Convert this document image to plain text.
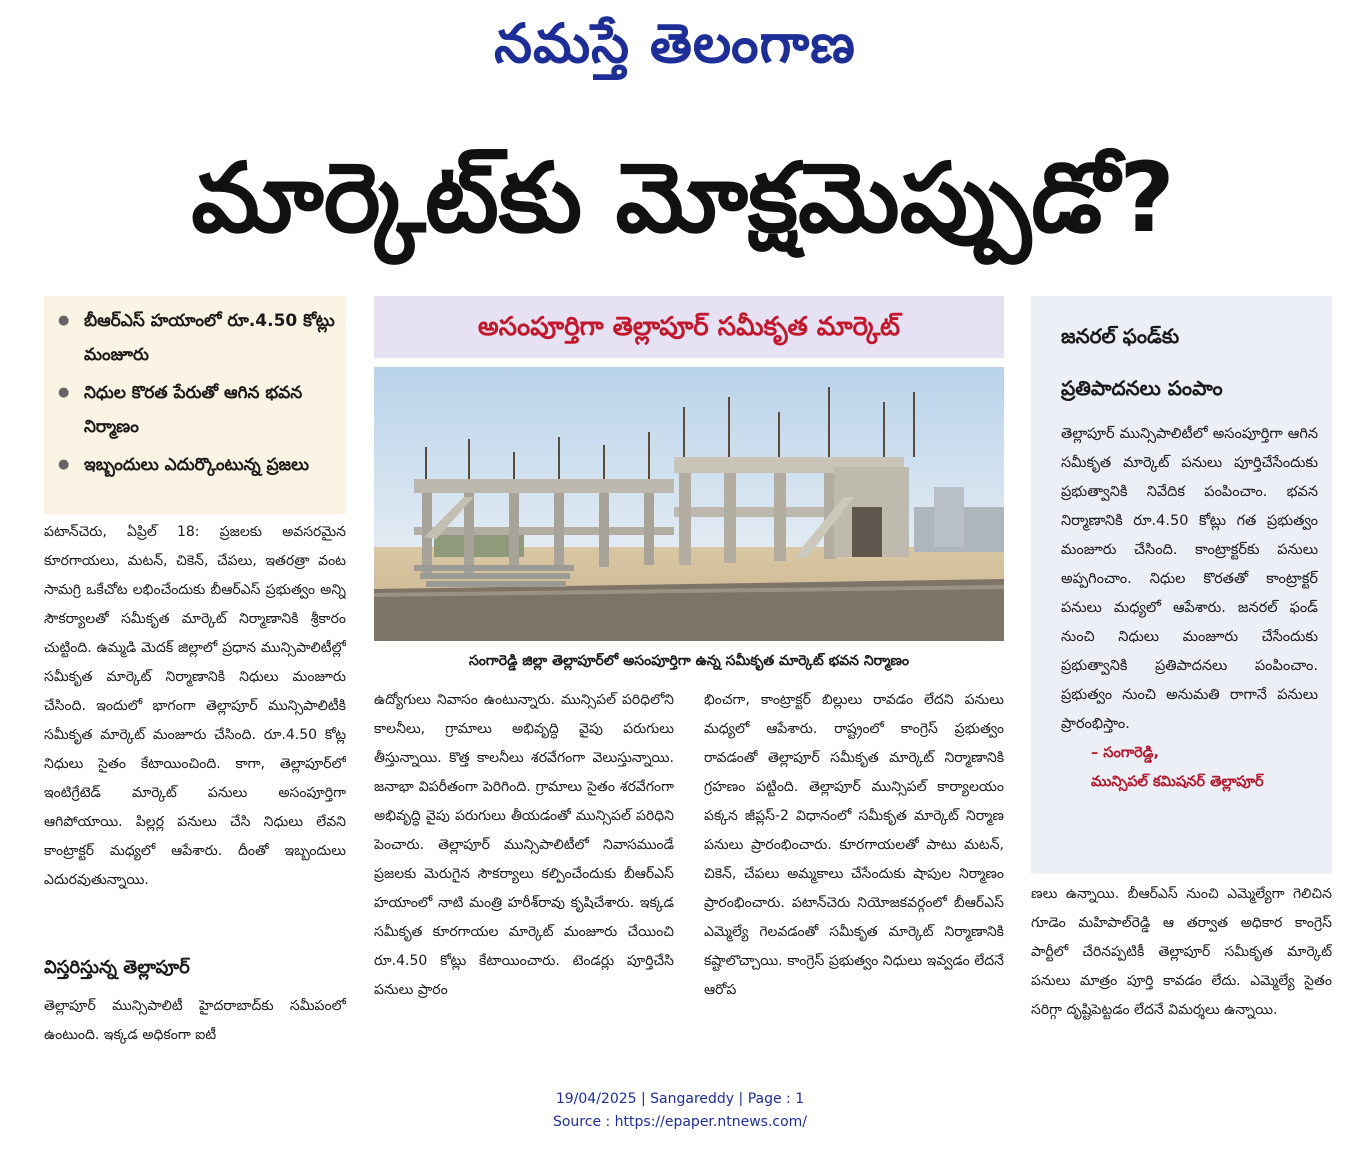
నమస్తే తెలంగాణ
మార్కెట్‌కు మోక్షమెప్పుడో?
● బీఆర్ఎస్ హయాంలో రూ.4.50 కోట్లు మంజూరు
● నిధుల కొరత పేరుతో ఆగిన భవన నిర్మాణం
● ఇబ్బందులు ఎదుర్కొంటున్న ప్రజలు
అసంపూర్తిగా తెల్లాపూర్ సమీకృత మార్కెట్
సంగారెడ్డి జిల్లా తెల్లాపూర్‌లో అసంపూర్తిగా ఉన్న సమీకృత మార్కెట్ భవన నిర్మాణం
జనరల్ ఫండ్‌కు
ప్రతిపాదనలు పంపాం
తెల్లాపూర్ మున్సిపాలిటీలో అసంపూర్తిగా ఆగిన సమీకృత మార్కెట్ పనులు పూర్తిచేసేందుకు ప్రభుత్వానికి నివేదిక పంపించాం. భవన నిర్మాణానికి రూ.4.50 కోట్లు గత ప్రభుత్వం మంజూరు చేసింది. కాంట్రాక్టర్‌కు పనులు అప్పగించాం. నిధుల కొరతతో కాంట్రాక్టర్ పనులు మధ్యలో ఆపేశారు. జనరల్ ఫండ్ నుంచి నిధులు మంజూరు చేసేందుకు ప్రభుత్వానికి ప్రతిపాదనలు పంపించాం. ప్రభుత్వం నుంచి అనుమతి రాగానే పనులు ప్రారంభిస్తాం.
– సంగారెడ్డి,
మున్సిపల్ కమిషనర్ తెల్లాపూర్
పటాన్‌చెరు, ఏప్రిల్ 18: ప్రజలకు అవసరమైన కూరగాయలు, మటన్, చికెన్, చేపలు, ఇతరత్రా వంట సామగ్రి ఒకేచోట లభించేందుకు బీఆర్ఎస్ ప్రభుత్వం అన్ని సౌకర్యాలతో సమీకృత మార్కెట్ నిర్మాణానికి శ్రీకారం చుట్టింది. ఉమ్మడి మెదక్ జిల్లాలో ప్రధాన మున్సిపాలిటీల్లో సమీకృత మార్కెట్ నిర్మాణానికి నిధులు మంజూరు చేసింది. ఇందులో భాగంగా తెల్లాపూర్ మున్సిపాలిటీకి సమీకృత మార్కెట్ మంజూరు చేసింది. రూ.4.50 కోట్ల నిధులు సైతం కేటాయించింది. కాగా, తెల్లాపూర్‌లో ఇంటిగ్రేటెడ్ మార్కెట్ పనులు అసంపూర్తిగా ఆగిపోయాయి. పిల్లర్ల పనులు చేసి నిధులు లేవని కాంట్రాక్టర్ మధ్యలో ఆపేశారు. దీంతో ఇబ్బందులు ఎదురవుతున్నాయి.
విస్తరిస్తున్న తెల్లాపూర్
తెల్లాపూర్ మున్సిపాలిటీ హైదరాబాద్‌కు సమీపంలో ఉంటుంది. ఇక్కడ అధికంగా ఐటీ
ఉద్యోగులు నివాసం ఉంటున్నారు. మున్సిపల్ పరిధిలోని కాలనీలు, గ్రామాలు అభివృద్ధి వైపు పరుగులు తీస్తున్నాయి. కొత్త కాలనీలు శరవేగంగా వెలుస్తున్నాయి. జనాభా విపరీతంగా పెరిగింది. గ్రామాలు సైతం శరవేగంగా అభివృద్ధి వైపు పరుగులు తీయడంతో మున్సిపల్ పరిధిని పెంచారు. తెల్లాపూర్ మున్సిపాలిటీలో నివాసముండే ప్రజలకు మెరుగైన సౌకర్యాలు కల్పించేందుకు బీఆర్ఎస్ హయాంలో నాటి మంత్రి హరీశ్‌రావు కృషిచేశారు. ఇక్కడ సమీకృత కూరగాయల మార్కెట్ మంజూరు చేయించి రూ.4.50 కోట్లు కేటాయించారు. టెండర్లు పూర్తిచేసి పనులు ప్రారం
భించగా, కాంట్రాక్టర్ బిల్లులు రావడం లేదని పనులు మధ్యలో ఆపేశారు. రాష్ట్రంలో కాంగ్రెస్ ప్రభుత్వం రావడంతో తెల్లాపూర్ సమీకృత మార్కెట్ నిర్మాణానికి గ్రహణం పట్టింది. తెల్లాపూర్ మున్సిపల్ కార్యాలయం పక్కన జీప్లస్-2 విధానంలో సమీకృత మార్కెట్ నిర్మాణ పనులు ప్రారంభించారు. కూరగాయలతో పాటు మటన్, చికెన్, చేపలు అమ్మకాలు చేసేందుకు షాపుల నిర్మాణం ప్రారంభించారు. పటాన్‌చెరు నియోజకవర్గంలో బీఆర్ఎస్ ఎమ్మెల్యే గెలవడంతో సమీకృత మార్కెట్ నిర్మాణానికి కష్టాలొచ్చాయి. కాంగ్రెస్ ప్రభుత్వం నిధులు ఇవ్వడం లేదనే ఆరోప
ణలు ఉన్నాయి. బీఆర్ఎస్ నుంచి ఎమ్మెల్యేగా గెలిచిన గూడెం మహిపాల్‌రెడ్డి ఆ తర్వాత అధికార కాంగ్రెస్ పార్టీలో చేరినప్పటికీ తెల్లాపూర్ సమీకృత మార్కెట్ పనులు మాత్రం పూర్తి కావడం లేదు. ఎమ్మెల్యే సైతం సరిగ్గా దృష్టిపెట్టడం లేదనే విమర్శలు ఉన్నాయి.
19/04/2025 | Sangareddy | Page : 1
Source : https://epaper.ntnews.com/
